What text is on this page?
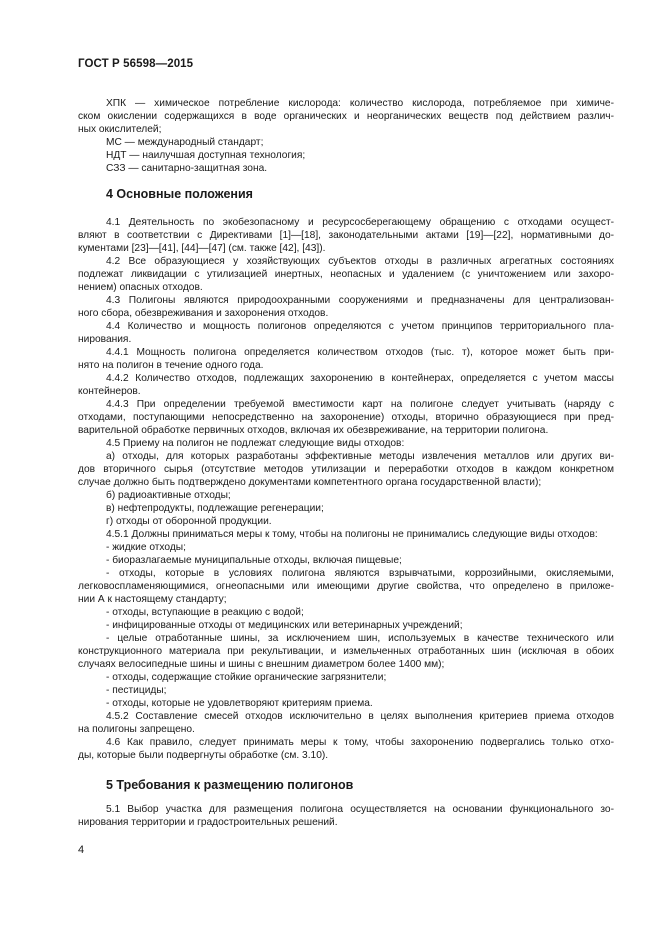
ГОСТ Р 56598—2015
ХПК — химическое потребление кислорода: количество кислорода, потребляемое при химиче-
ском окислении содержащихся в воде органических и неорганических веществ под действием различ-
ных окислителей;
МС — международный стандарт;
НДТ — наилучшая доступная технология;
СЗЗ — санитарно-защитная зона.
4 Основные положения
4.1 Деятельность по экобезопасному и ресурсосберегающему обращению с отходами осущест-
вляют в соответствии с Директивами [1]—[18], законодательными актами [19]—[22], нормативными до-
кументами [23]—[41], [44]—[47] (см. также [42], [43]).
4.2 Все образующиеся у хозяйствующих субъектов отходы в различных агрегатных состояниях
подлежат ликвидации с утилизацией инертных, неопасных и удалением (с уничтожением или захоро-
нением) опасных отходов.
4.3 Полигоны являются природоохранными сооружениями и предназначены для централизован-
ного сбора, обезвреживания и захоронения отходов.
4.4 Количество и мощность полигонов определяются с учетом принципов территориального пла-
нирования.
4.4.1 Мощность полигона определяется количеством отходов (тыс. т), которое может быть при-
нято на полигон в течение одного года.
4.4.2 Количество отходов, подлежащих захоронению в контейнерах, определяется с учетом массы
контейнеров.
4.4.3 При определении требуемой вместимости карт на полигоне следует учитывать (наряду с
отходами, поступающими непосредственно на захоронение) отходы, вторично образующиеся при пред-
варительной обработке первичных отходов, включая их обезвреживание, на территории полигона.
4.5 Приему на полигон не подлежат следующие виды отходов:
а) отходы, для которых разработаны эффективные методы извлечения металлов или других ви-
дов вторичного сырья (отсутствие методов утилизации и переработки отходов в каждом конкретном
случае должно быть подтверждено документами компетентного органа государственной власти);
б) радиоактивные отходы;
в) нефтепродукты, подлежащие регенерации;
г) отходы от оборонной продукции.
4.5.1 Должны приниматься меры к тому, чтобы на полигоны не принимались следующие виды отходов:
- жидкие отходы;
- биоразлагаемые муниципальные отходы, включая пищевые;
- отходы, которые в условиях полигона являются взрывчатыми, коррозийными, окисляемыми,
легковоспламеняющимися, огнеопасными или имеющими другие свойства, что определено в приложе-
нии А к настоящему стандарту;
- отходы, вступающие в реакцию с водой;
- инфицированные отходы от медицинских или ветеринарных учреждений;
- целые отработанные шины, за исключением шин, используемых в качестве технического или
конструкционного материала при рекультивации, и измельченных отработанных шин (исключая в обоих
случаях велосипедные шины и шины с внешним диаметром более 1400 мм);
- отходы, содержащие стойкие органические загрязнители;
- пестициды;
- отходы, которые не удовлетворяют критериям приема.
4.5.2 Составление смесей отходов исключительно в целях выполнения критериев приема отходов
на полигоны запрещено.
4.6 Как правило, следует принимать меры к тому, чтобы захоронению подвергались только отхо-
ды, которые были подвергнуты обработке (см. 3.10).
5 Требования к размещению полигонов
5.1 Выбор участка для размещения полигона осуществляется на основании функционального зо-
нирования территории и градостроительных решений.
4
